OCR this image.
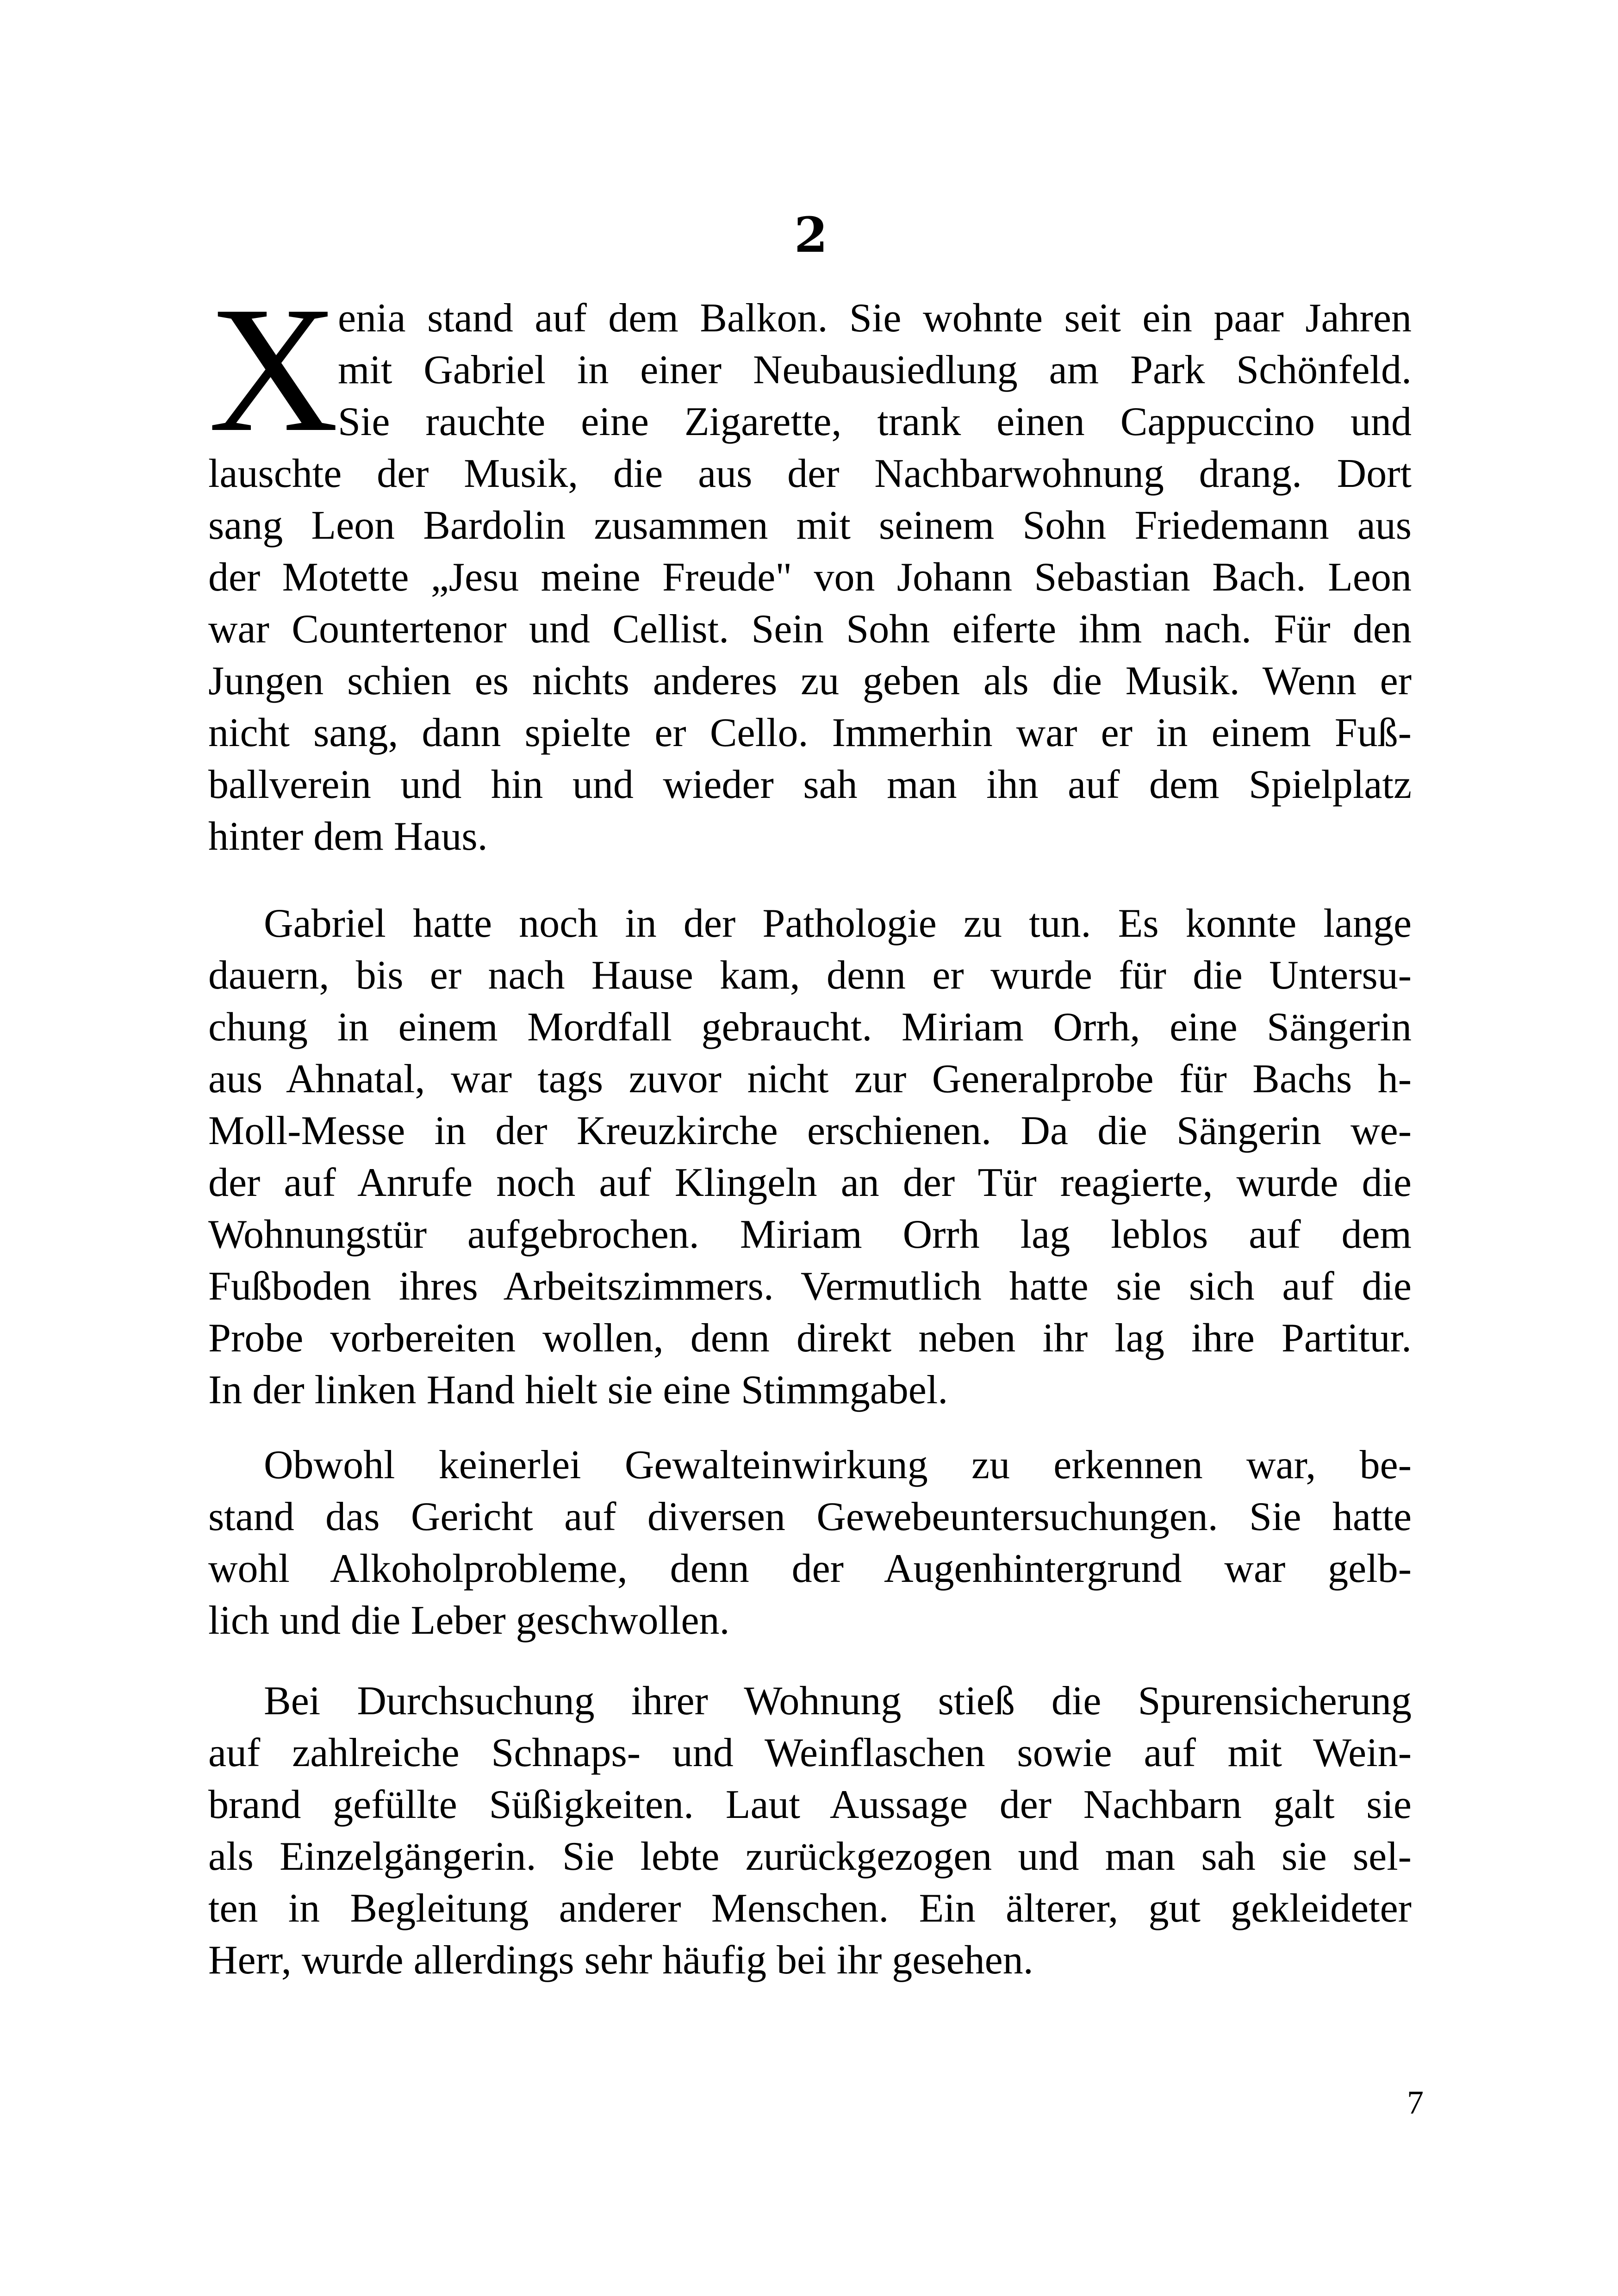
2
X
enia stand auf dem Balkon. Sie wohnte seit ein paar Jahren
mit Gabriel in einer Neubausiedlung am Park Schönfeld.
Sie rauchte eine Zigarette, trank einen Cappuccino und
lauschte der Musik, die aus der Nachbarwohnung drang. Dort
sang Leon Bardolin zusammen mit seinem Sohn Friedemann aus
der Motette „Jesu meine Freude" von Johann Sebastian Bach. Leon
war Countertenor und Cellist. Sein Sohn eiferte ihm nach. Für den
Jungen schien es nichts anderes zu geben als die Musik. Wenn er
nicht sang, dann spielte er Cello. Immerhin war er in einem Fuß-
ballverein und hin und wieder sah man ihn auf dem Spielplatz
hinter dem Haus.
Gabriel hatte noch in der Pathologie zu tun. Es konnte lange
dauern, bis er nach Hause kam, denn er wurde für die Untersu-
chung in einem Mordfall gebraucht. Miriam Orrh, eine Sängerin
aus Ahnatal, war tags zuvor nicht zur Generalprobe für Bachs h-
Moll-Messe in der Kreuzkirche erschienen. Da die Sängerin we-
der auf Anrufe noch auf Klingeln an der Tür reagierte, wurde die
Wohnungstür aufgebrochen. Miriam Orrh lag leblos auf dem
Fußboden ihres Arbeitszimmers. Vermutlich hatte sie sich auf die
Probe vorbereiten wollen, denn direkt neben ihr lag ihre Partitur.
In der linken Hand hielt sie eine Stimmgabel.
Obwohl keinerlei Gewalteinwirkung zu erkennen war, be-
stand das Gericht auf diversen Gewebeuntersuchungen. Sie hatte
wohl Alkoholprobleme, denn der Augenhintergrund war gelb-
lich und die Leber geschwollen.
Bei Durchsuchung ihrer Wohnung stieß die Spurensicherung
auf zahlreiche Schnaps- und Weinflaschen sowie auf mit Wein-
brand gefüllte Süßigkeiten. Laut Aussage der Nachbarn galt sie
als Einzelgängerin. Sie lebte zurückgezogen und man sah sie sel-
ten in Begleitung anderer Menschen. Ein älterer, gut gekleideter
Herr, wurde allerdings sehr häufig bei ihr gesehen.
7
